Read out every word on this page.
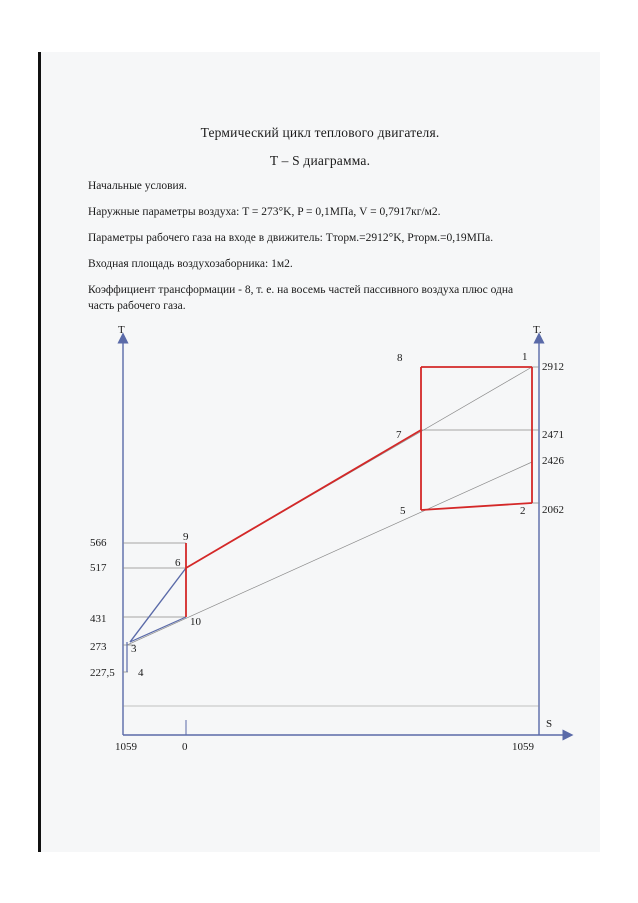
Термический цикл теплового двигателя.
T – S диаграмма.
Начальные условия.
Наружные параметры воздуха: T = 273°K, P = 0,1МПа, V = 0,7917кг/м2.
Параметры рабочего газа на входе в движитель: Tторм.=2912°K, Pторм.=0,19МПа.
Входная площадь воздухозаборника: 1м2.
Коэффициент трансформации - 8, т. е. на восемь частей пассивного воздуха плюс одна
часть рабочего газа.
T	T.
S
566
517
431
273
227,5
2912
2471
2426
2062
1059	0	1059
1
2
3
4
5
6
7
8
9
10
